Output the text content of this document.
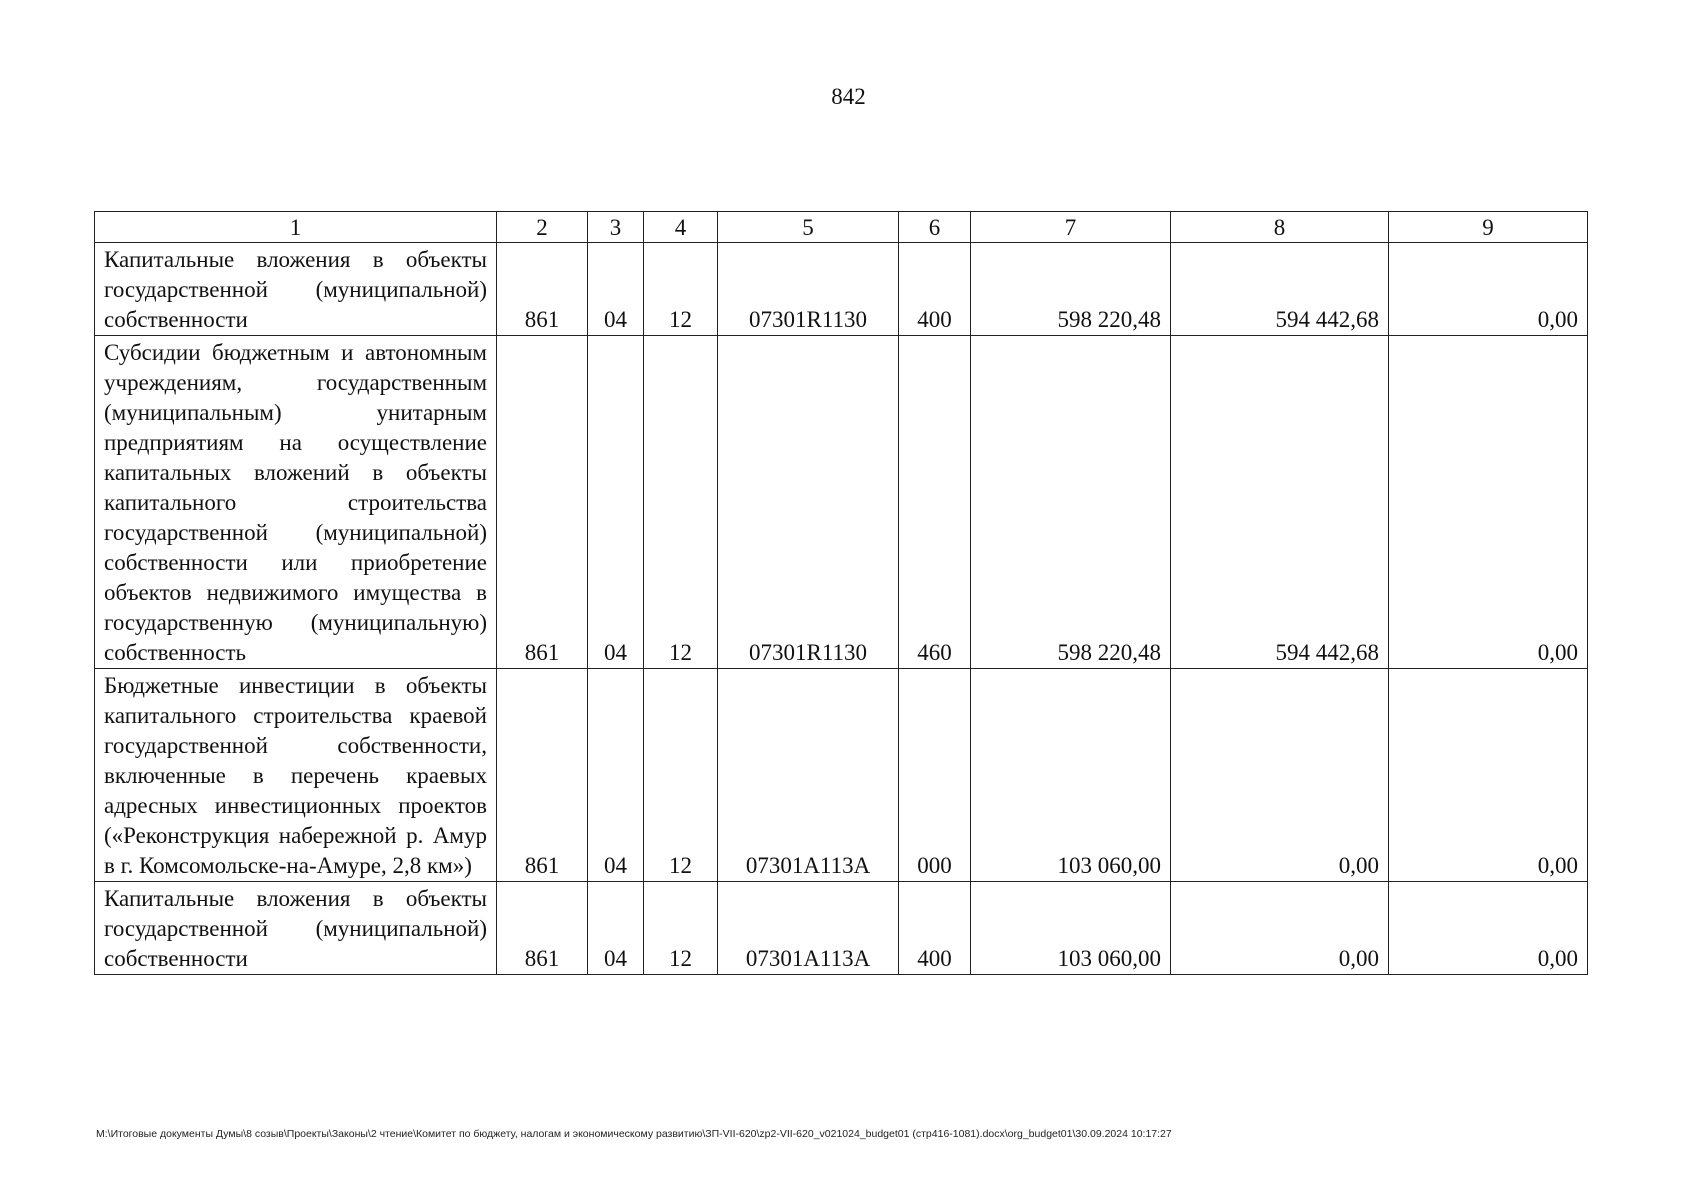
842
1	2	3	4	5	6	7	8	9
Капитальные вложения в объекты государственной (муниципальной) собственности	861	04	12	07301R1130	400	598 220,48	594 442,68	0,00
Субсидии бюджетным и автономным учреждениям, государственным (муниципальным) унитарным предприятиям на осуществление капитальных вложений в объекты капитального строительства государственной (муниципальной) собственности или приобретение объектов недвижимого имущества в государственную (муниципальную) собственность	861	04	12	07301R1130	460	598 220,48	594 442,68	0,00
Бюджетные инвестиции в объекты капитального строительства краевой государственной собственности, включенные в перечень краевых адресных инвестиционных проектов («Реконструкция набережной р. Амур в г. Комсомольске-на-Амуре, 2,8 км»)	861	04	12	07301А113А	000	103 060,00	0,00	0,00
Капитальные вложения в объекты государственной (муниципальной) собственности	861	04	12	07301А113А	400	103 060,00	0,00	0,00
M:\Итоговые документы Думы\8 созыв\Проекты\Законы\2 чтение\Комитет по бюджету, налогам и экономическому развитию\ЗП-VII-620\zp2-VII-620_v021024_budget01 (стр416-1081).docx\org_budget01\30.09.2024 10:17:27
